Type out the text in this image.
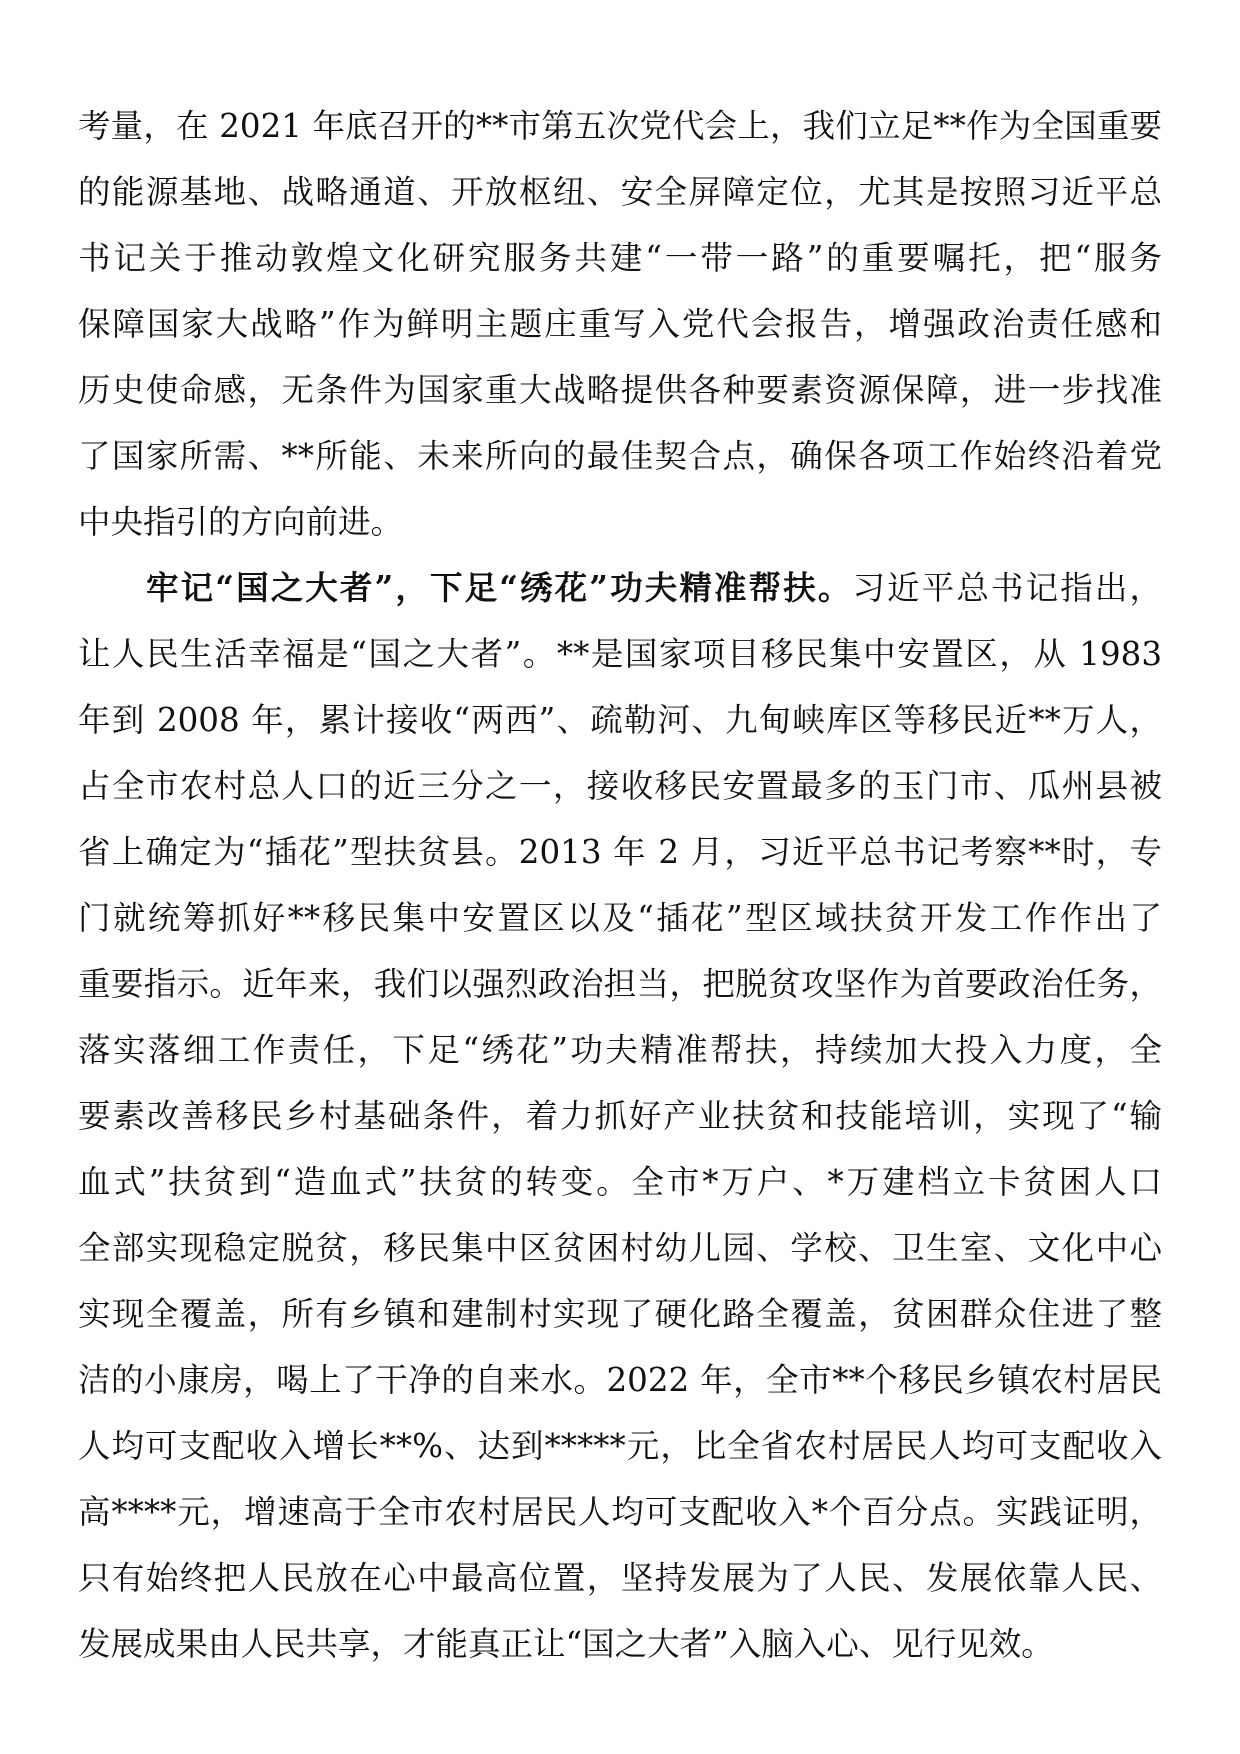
考量，在 2021 年底召开的**市第五次党代会上，我们立足**作为全国重要
的能源基地、战略通道、开放枢纽、安全屏障定位，尤其是按照习近平总
书记关于推动敦煌文化研究服务共建“一带一路”的重要嘱托，把“服务
保障国家大战略”作为鲜明主题庄重写入党代会报告，增强政治责任感和
历史使命感，无条件为国家重大战略提供各种要素资源保障，进一步找准
了国家所需、**所能、未来所向的最佳契合点，确保各项工作始终沿着党
中央指引的方向前进。
牢记“国之大者”，下足“绣花”功夫精准帮扶。习近平总书记指出，
让人民生活幸福是“国之大者”。**是国家项目移民集中安置区，从 1983
年到 2008 年，累计接收“两西”、疏勒河、九甸峡库区等移民近**万人，
占全市农村总人口的近三分之一，接收移民安置最多的玉门市、瓜州县被
省上确定为“插花”型扶贫县。2013 年 2 月，习近平总书记考察**时，专
门就统筹抓好**移民集中安置区以及“插花”型区域扶贫开发工作作出了
重要指示。近年来，我们以强烈政治担当，把脱贫攻坚作为首要政治任务，
落实落细工作责任，下足“绣花”功夫精准帮扶，持续加大投入力度，全
要素改善移民乡村基础条件，着力抓好产业扶贫和技能培训，实现了“输
血式”扶贫到“造血式”扶贫的转变。全市*万户、*万建档立卡贫困人口
全部实现稳定脱贫，移民集中区贫困村幼儿园、学校、卫生室、文化中心
实现全覆盖，所有乡镇和建制村实现了硬化路全覆盖，贫困群众住进了整
洁的小康房，喝上了干净的自来水。2022 年，全市**个移民乡镇农村居民
人均可支配收入增长**%、达到*****元，比全省农村居民人均可支配收入
高****元，增速高于全市农村居民人均可支配收入*个百分点。实践证明，
只有始终把人民放在心中最高位置，坚持发展为了人民、发展依靠人民、
发展成果由人民共享，才能真正让“国之大者”入脑入心、见行见效。
